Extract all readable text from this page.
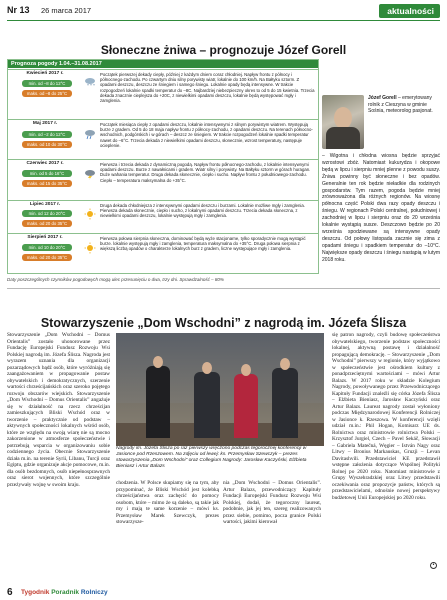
Nr 13 26 marca 2017	aktualności
Słoneczne żniwa – prognozuje Józef Gorell
Prognoza pogody 1.04.–31.08.2017
Kwiecień 2017 r.
min. od –8 do 12°C
maks. od –8 do 25°C
* * *
Początek pierwszej dekady ciepły, później z każdym dniem coraz chłodniej. Napływ frontu z północy i północnego-zachodu. Po czwartym dniu silny porywisty wiatr, lokalnie do 100 km/h. Na Bałtyku sztorm. Z opadami deszczu, deszczu ze śniegiem i samego śniegu. Lokalnie opady będą intensywne. W trakcie rozpogodzeń lokalnie spadki temperatur do –8C. Najbardziej niebezpieczny okres to od 5 do 15 kwietnia. Trzecia dekada znacznie cieplejsza do +20C, z niewielkimi opadami deszczu, lokalnie będą występować mgły i zamglenia.
Maj 2017 r.
min. od –2 do 12°C
maks. od 10 do 30°C
Początek miesiąca ciepły z opadami deszczu, lokalnie intensywnymi z silnym porywistym wiatrem. Występują burze z gradem. Od 5 do 18 maja napływ frontu z północy-zachodu, z opadami deszczu. Na terenach północno-wschodnich, podgórskich i w górach – deszcz ze śniegiem. W trakcie rozpogodzeń lokalnie spadki temperatur nawet do –6°C. Trzecia dekada z niewielkimi opadami deszczu, słonecznie, wzrost temperatury, następuje ocieplenie.
Czerwiec 2017 r.
min. od 5 do 16°C
maks. od 15 do 35°C
Pierwsza i trzecia dekada z dynamiczną pogodą. Napływ frontu północnego-zachodu, z lokalnie intensywnymi opadami deszczu. Burze z nawałnicami i gradem. Wiatr silny i porywisty. Na Bałtyku sztorm w górach huragan. Duże wahania temperatur. Druga dekada słonecznie, ciepło i sucho. Napływ frontu z południowego-zachodu. Ciepło – temperatura maksymalna do +35°C.
Lipiec 2017 r.
min. od 12 do 20°C
maks. od 20 do 35°C
Druga dekada chłodniejsza z intensywnymi opadami deszczu i burzami. Lokalnie możliwe mgły i zamglenia. Pierwsza dekada słonecznie, ciepło i sucho, z lokalnymi opadami deszczu. Trzecia dekada słoneczna, z niewielkimi opadami deszczu, lokalnie występują mgły i zamglenia.
Sierpień 2017 r.
min. od 10 do 20°C
maks. od 20 do 35°C
Pierwsza połowa sierpnia słoneczna, dominować będą wyże stacjonarne, tylko sporadycznie mogą wystąpić burze. lokalnie występują mgły i zamglenia, temperatura maksymalna do +35°C. Druga połowa sierpnia z większą liczbą opadów o charakterze lokalnych burz z gradem, liczne występujące mgły i zamglenia.
Daty poszczególnych czynników pogodowych mogą ulec przesunięciu o dwa, trzy dni. Sprawdzalność – 80%
Józef Gorell – emerytowany rolnik z Cieszyna w gminie Sośnia, meteorolog pasjonat.
– Wigotna i chłodna wiosna będzie sprzyjać wzrostowi zbóż. Natomiast kukurydza i okopowe będą w lipcu i sierpniu mniej plenne z powodu suszy. Żniwa powinny być słoneczne i bez opadów. Generalnie ten rok będzie nieładkie dla rodzinych gospodarstw. Tym razem, pogoda będzie mniej zrównoważona dla różnych regionów. Na wiosnę północna część Polski dwa razy opady deszczu i śniegu. W regionach Polski centralnej, południowej i zachodniej w lipcu i sierpniu oraz do 20 września lokalnie wystąpią susze. Deszczowo będzie po 20 września spodziewane są intensywne opady deszczu. Od połowy listopada zacznie się zima z opadami śniegu i spadkiem temperatur do –10°C. Największe opady deszczu i śniegu nastąpią w lutym 2018 roku.
Stowarzyszenie „Dom Wschodni” z nagrodą im. Józefa Śliszа
Stowarzyszenie „Dom Wschodni – Domus Orientalis” zostało uhonorowane przez Fundację Europejski Fundusz Rozwoju Wsi Polskiej nagrodą im. Józefa Śliszа. Nagroda jest wyrazem uznania dla organizacji pozarządowych bądź osób, które wyróżniają się zaangażowaniem w propagowanie postaw obywatelskich i demokratycznych, szerzenie wartości chrześcijańskich oraz szeroko pojętego rozwoju obszarów wiejskich. Stowarzyszenie „Dom Wschodni – Domus Orientalis” angażuje się w działalność na rzecz chrześcijan zamieszkujących Bliski Wschód oraz w tworzenie – praktycznie od podstaw – aktywnych społeczności lokalnych wśród osób, które ze względu na swoją wiarę nie są mocno zakorzenione w atmosferze społeczeństwie i potrzebują wsparcia w organizowaniu sobie codziennego życia. Obecnie Stowarzyszenie działa m.in. na terenie Syrii, Libanu, Turcji oraz Egiptu, gdzie organizuje akcje pomocowe, m.in. dla osób bezdomnych, osób niepełnosprawnych oraz sierot wojennych, które szczególnie przeżywały wojnę w swoim kraju.
Nagrody im. Józefa Śliszа po raz pierwszy wręczono podczas tegorocznej konferencji w Jasionce pod Rzeszowem. Na zdjęciu od lewej: ks. Przemysław Szewczyk – prezes stowarzyszenia „Dom Wschodni” oraz Collegium Nagrody: Jarosław Kaczyński, Elżbieta Bieniasz i Artur Balazs
chodzenia. W Polsce skupiamy się na tym, aby przypominać, że Bliski Wschód jest kolebką chrześcijaństwa oraz zachęcić do pomocy osobom, które – mimo że są daleko, są takie jak my i mają te same korzenie – mówi ks. Przemysław Marek Szewczyk, prezes stowarzysze-
nia „Dom Wschodni – Domus Orientalis”. Artur Balazs, przewodniczący Kapituły Fundacji Europejski Fundusz Rozwoju Wsi Polskiej, dodał, że tegoroczny laureat, podobnie, jak jej ten, szereg realizowanych przez siebie, pomimo, pocza granice Polski wartości, jakimi kierował
się patron nagrody, czyli budowę społeczeństwa obywatelskiego, tworzenie podstaw społeczności lokalnej, aktywną postawę i działalność propagującą demokrację. – Stowarzyszenie „Dom Wschodni” pierwszy w regionie, który wyjątkowo w społeczeństwie jest ośrodkiem kultury z ponadprzeciętnymi wartościami – mówi Artur Balazs. W 2017 roku w składzie Kolegium Nagrody, powoływanego przez Przewodniczącego Kapituły Fundacji znaleźli się córka Józefa Śliszа – Elżbieta Bieniasz, Jarosław Kaczyński oraz Artur Balazs. Laureat nagrody został wyłoniony podczas Międzynarodowej Konferencji Rolniczej w Jasionce k. Rzeszowa. W konferencji wzięli udział m.in.: Phil Hogan, Komisarz UE ds. Rolnictwa oraz ministrowie rolnictwa Polski – Krzysztof Jurgiel, Czech – Pavel Sekáč, Słowacji – Gabriela Matečná, Węgier – István Nagy oraz Litwy – Bronius Markauskas, Gruzji – Levan Davitashvili. Przedstawiciel KE przedstawił wstępne założenia dotyczące Wspólnej Polityki Rolnej po 2020 roku. Natomiast ministrowie z Grupy Wyszehradzkiej oraz Litwy przedstawili oczekiwania oraz propozycje państw, których są przedstawicielami, odnośnie nowej perspektywy budżetowej Unii Europejskiej po 2020 roku.
•
6 Tygodnik Poradnik Rolniczy
